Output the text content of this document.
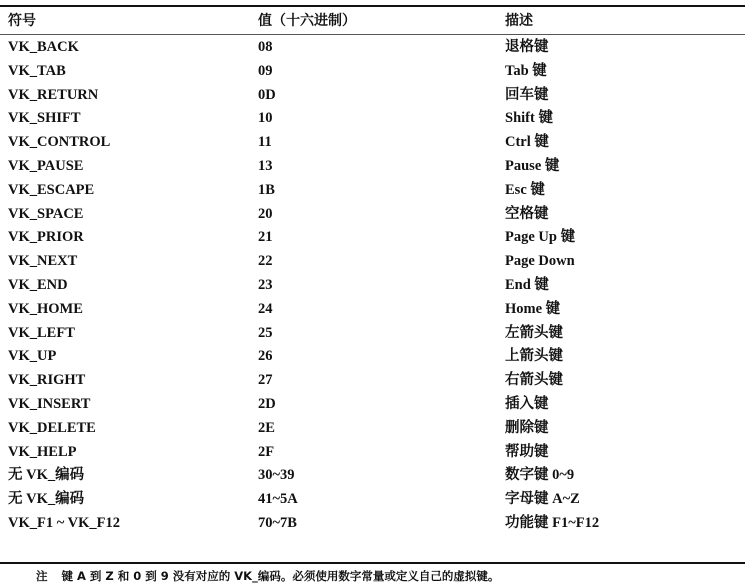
符号	值（十六进制）	描述
VK_BACK	08	退格键
VK_TAB	09	Tab 键
VK_RETURN	0D	回车键
VK_SHIFT	10	Shift 键
VK_CONTROL	11	Ctrl 键
VK_PAUSE	13	Pause 键
VK_ESCAPE	1B	Esc 键
VK_SPACE	20	空格键
VK_PRIOR	21	Page Up 键
VK_NEXT	22	Page Down
VK_END	23	End 键
VK_HOME	24	Home 键
VK_LEFT	25	左箭头键
VK_UP	26	上箭头键
VK_RIGHT	27	右箭头键
VK_INSERT	2D	插入键
VK_DELETE	2E	删除键
VK_HELP	2F	帮助键
无 VK_编码	30~39	数字键 0~9
无 VK_编码	41~5A	字母键 A~Z
VK_F1 ~ VK_F12	70~7B	功能键 F1~F12
注 键 A 到 Z 和 0 到 9 没有对应的 VK_编码。必须使用数字常量或定义自己的虚拟键。
